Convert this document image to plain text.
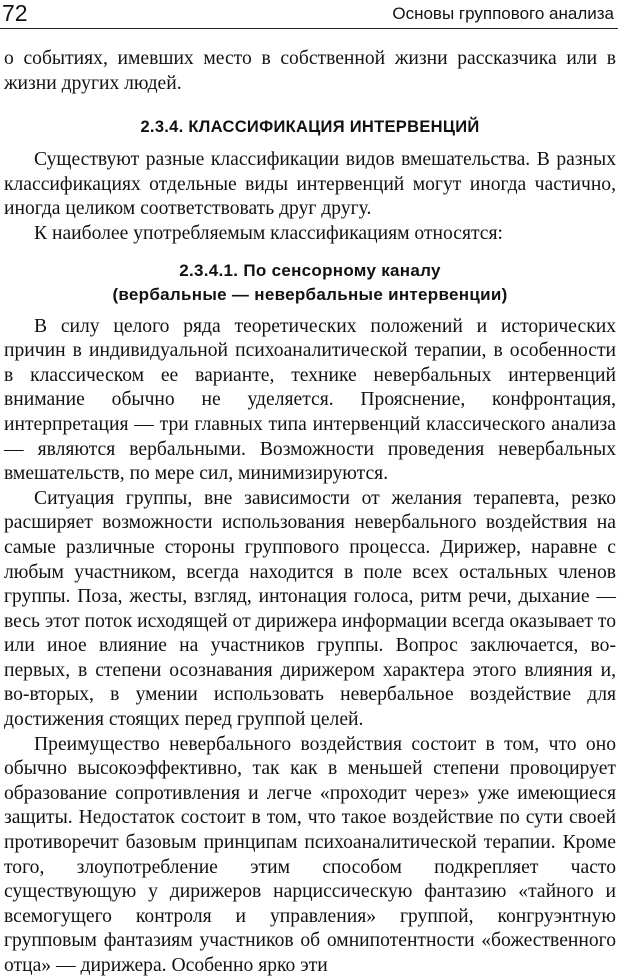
72	Основы группового анализа

о событиях, имевших место в собственной жизни рассказчика или в жизни других людей.

2.3.4. КЛАССИФИКАЦИЯ ИНТЕРВЕНЦИЙ

Существуют разные классификации видов вмешательства. В разных классификациях отдельные виды интервенций могут иногда частично, иногда целиком соответствовать друг другу.

К наиболее употребляемым классификациям относятся:

2.3.4.1. По сенсорному каналу
(вербальные — невербальные интервенции)

В силу целого ряда теоретических положений и исторических причин в индивидуальной психоаналитической терапии, в особенности в классическом ее варианте, технике невербальных интервенций внимание обычно не уделяется. Прояснение, конфронтация, интерпретация — три главных типа интервенций классического анализа — являются вербальными. Возможности проведения невербальных вмешательств, по мере сил, минимизируются.

Ситуация группы, вне зависимости от желания терапевта, резко расширяет возможности использования невербального воздействия на самые различные стороны группового процесса. Дирижер, наравне с любым участником, всегда находится в поле всех остальных членов группы. Поза, жесты, взгляд, интонация голоса, ритм речи, дыхание — весь этот поток исходящей от дирижера информации всегда оказывает то или иное влияние на участников группы. Вопрос заключается, во-первых, в степени осознавания дирижером характера этого влияния и, во-вторых, в умении использовать невербальное воздействие для достижения стоящих перед группой целей.

Преимущество невербального воздействия состоит в том, что оно обычно высокоэффективно, так как в меньшей степени провоцирует образование сопротивления и легче «проходит через» уже имеющиеся защиты. Недостаток состоит в том, что такое воздействие по сути своей противоречит базовым принципам психоаналитической терапии. Кроме того, злоупотребление этим способом подкрепляет часто существующую у дирижеров нарциссическую фантазию «тайного и всемогущего контроля и управления» группой, конгруэнтную групповым фантазиям участников об омнипотентности «божественного отца» — дирижера. Особенно ярко эти
